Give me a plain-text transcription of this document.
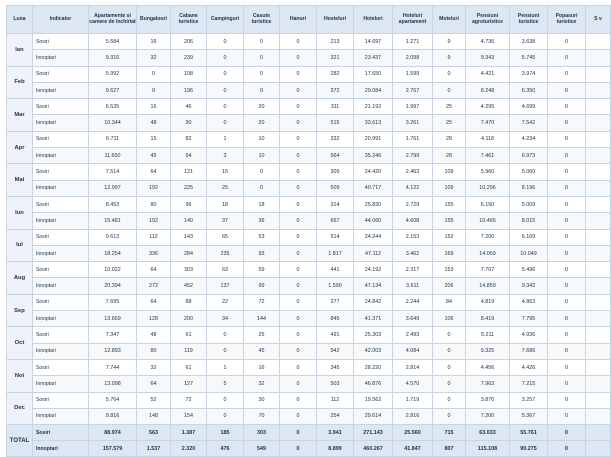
Luna	Indicator	Apartamente si camere de închiriat	Bungalouri	Cabane turistice	Campinguri	Casute turistice	Hanuri	Hosteluri	Hoteluri	Hoteluri apartament	Moteluri	Pensiuni agroturistice	Pensiuni turistice	Popasuri turistice	S v
Ian	Sosiri	5.584	16	206	0	0	0	213	14.697	1.271	9	4.736	3.638	0	
	Innoptari	9.316	32	239	0	0	0	321	23.437	2.098	9	9.343	5.745	0	
Feb	Sosiri	5.992	0	108	0	0	0	282	17.650	1.599	0	4.421	3.974	0	
	Innoptari	9.627	0	196	0	0	0	372	29.084	2.767	0	8.248	6.350	0	
Mar	Sosiri	6.535	16	46	0	20	0	311	21.192	1.997	25	4.295	4.699	0	
	Innoptari	10.344	48	90	0	20	0	515	33.613	3.261	25	7.470	7.542	0	
Apr	Sosiri	6.711	15	82	1	10	0	332	20.991	1.761	28	4.118	4.234	0	
	Innoptari	11.650	45	94	3	10	0	564	35.246	2.799	28	7.461	6.973	0	
Mai	Sosiri	7.514	64	121	15	0	0	309	24.420	2.463	109	5.960	5.060	0	
	Innoptari	12.997	192	225	25	0	0	509	40.717	4.122	109	10.296	8.196	0	
Iun	Sosiri	8.453	80	96	18	18	0	314	25.830	2.729	155	6.150	5.009	0	
	Innoptari	15.481	192	140	37	36	0	667	44.060	4.608	155	10.465	8.015	0	
Iul	Sosiri	9.613	112	143	65	53	0	514	24.244	2.153	152	7.200	6.169	0	
	Innoptari	18.254	336	284	235	93	0	1.817	47.112	3.462	169	14.059	10.049	0	
Aug	Sosiri	10.022	64	303	63	59	0	441	24.192	2.317	153	7.707	5.496	0	
	Innoptari	20.394	272	452	137	99	0	1.590	47.134	3.611	206	14.859	9.342	0	
Sep	Sosiri	7.695	64	88	22	72	0	277	24.842	2.244	84	4.819	4.863	0	
	Innoptari	13.669	128	200	34	144	0	845	41.371	3.649	106	8.419	7.795	0	
Oct	Sosiri	7.347	48	61	0	25	0	491	25.303	2.493	0	5.211	4.936	0	
	Innoptari	12.893	80	119	0	45	0	942	42.003	4.084	0	9.325	7.686	0	
Noi	Sosiri	7.744	32	61	1	16	0	345	28.220	2.814	0	4.456	4.426	0	
	Innoptari	13.098	64	127	5	32	0	503	46.876	4.570	0	7.963	7.215	0	
Dec	Sosiri	5.764	52	72	0	30	0	112	19.562	1.719	0	3.870	3.257	0	
	Innoptari	9.816	148	154	0	70	0	254	29.614	2.816	0	7.200	5.367	0	
TOTAL	Sosiri	88.974	563	1.387	185	303	0	3.941	271.143	25.560	715	63.033	55.761	0	
	Innoptari	157.579	1.537	2.320	476	549	0	8.899	460.267	41.847	807	115.108	90.275	0	
